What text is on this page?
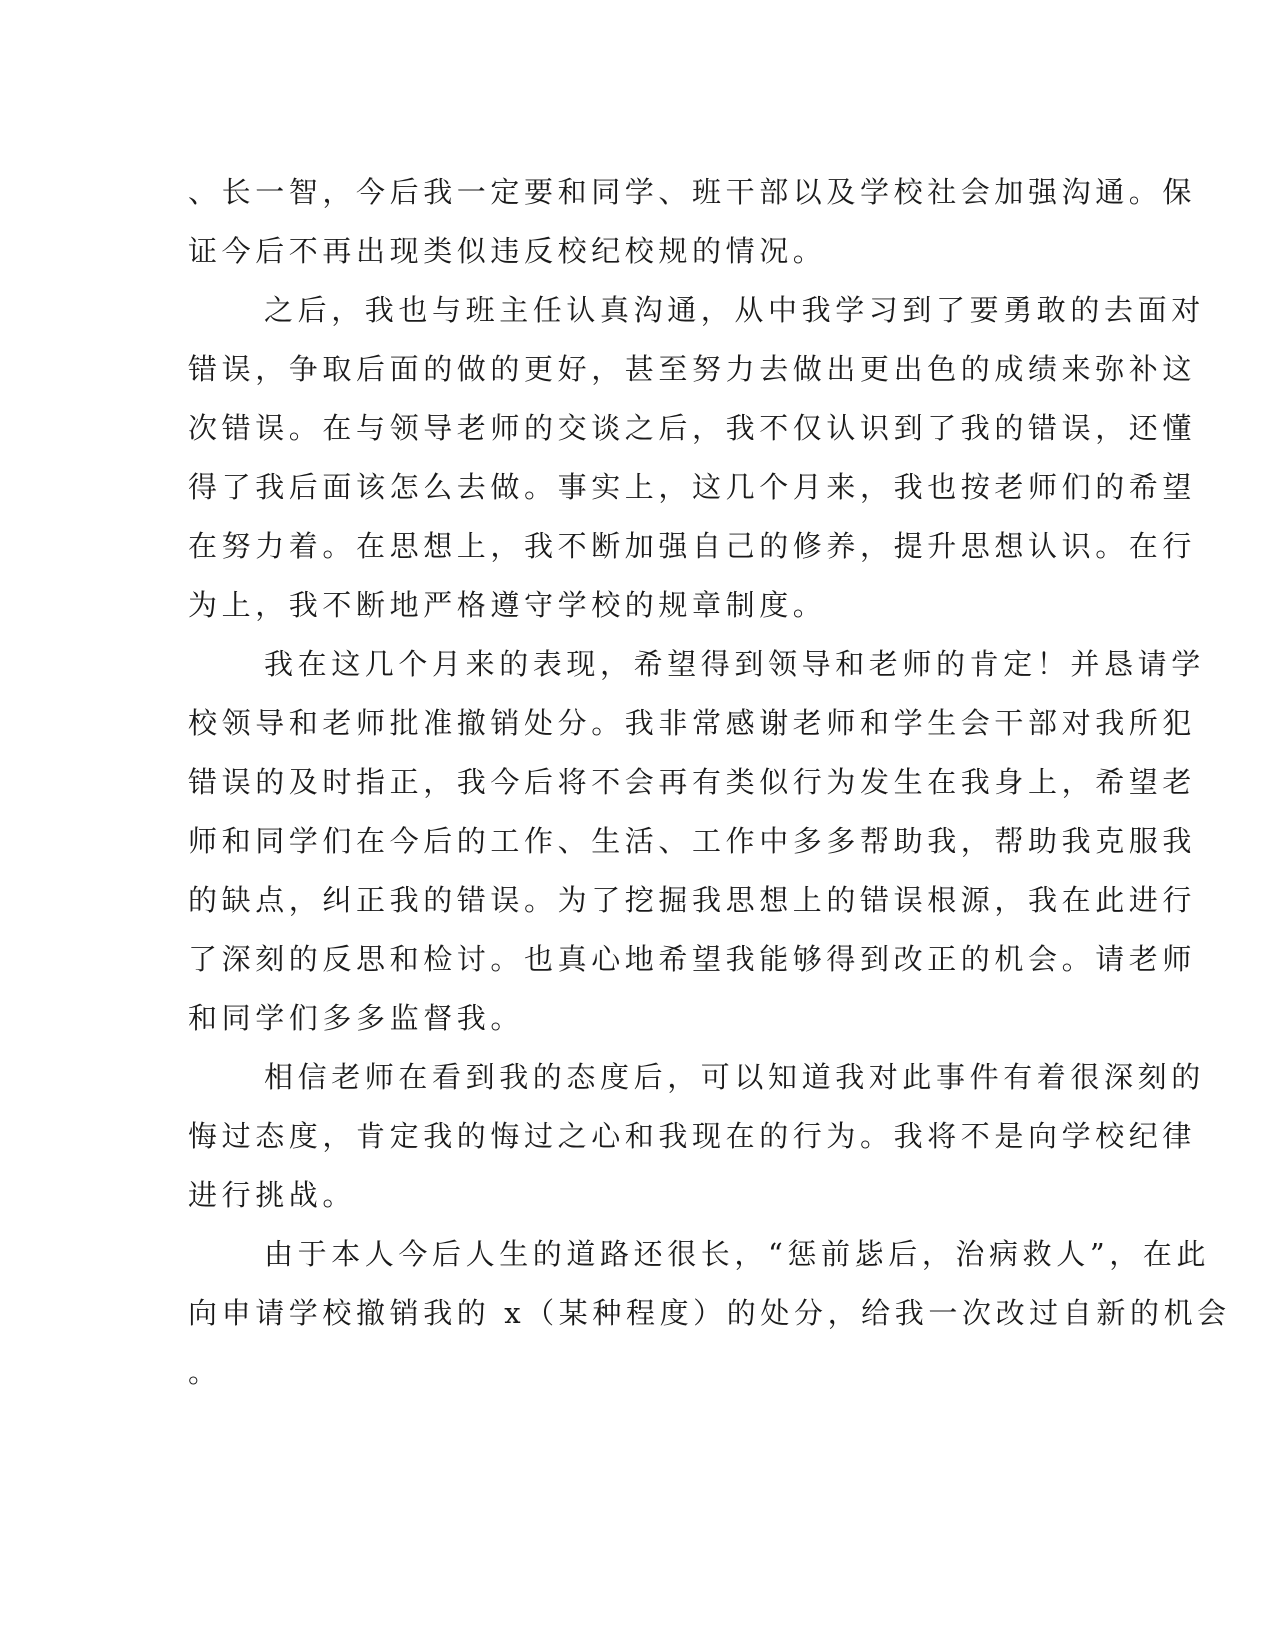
、长一智，今后我一定要和同学、班干部以及学校社会加强沟通。保
证今后不再出现类似违反校纪校规的情况。
之后，我也与班主任认真沟通，从中我学习到了要勇敢的去面对
错误，争取后面的做的更好，甚至努力去做出更出色的成绩来弥补这
次错误。在与领导老师的交谈之后，我不仅认识到了我的错误，还懂
得了我后面该怎么去做。事实上，这几个月来，我也按老师们的希望
在努力着。在思想上，我不断加强自己的修养，提升思想认识。在行
为上，我不断地严格遵守学校的规章制度。
我在这几个月来的表现，希望得到领导和老师的肯定！并恳请学
校领导和老师批准撤销处分。我非常感谢老师和学生会干部对我所犯
错误的及时指正，我今后将不会再有类似行为发生在我身上，希望老
师和同学们在今后的工作、生活、工作中多多帮助我，帮助我克服我
的缺点，纠正我的错误。为了挖掘我思想上的错误根源，我在此进行
了深刻的反思和检讨。也真心地希望我能够得到改正的机会。请老师
和同学们多多监督我。
相信老师在看到我的态度后，可以知道我对此事件有着很深刻的
悔过态度，肯定我的悔过之心和我现在的行为。我将不是向学校纪律
进行挑战。
由于本人今后人生的道路还很长，“惩前毖后，治病救人”，在此
向申请学校撤销我的 x（某种程度）的处分，给我一次改过自新的机会
。
